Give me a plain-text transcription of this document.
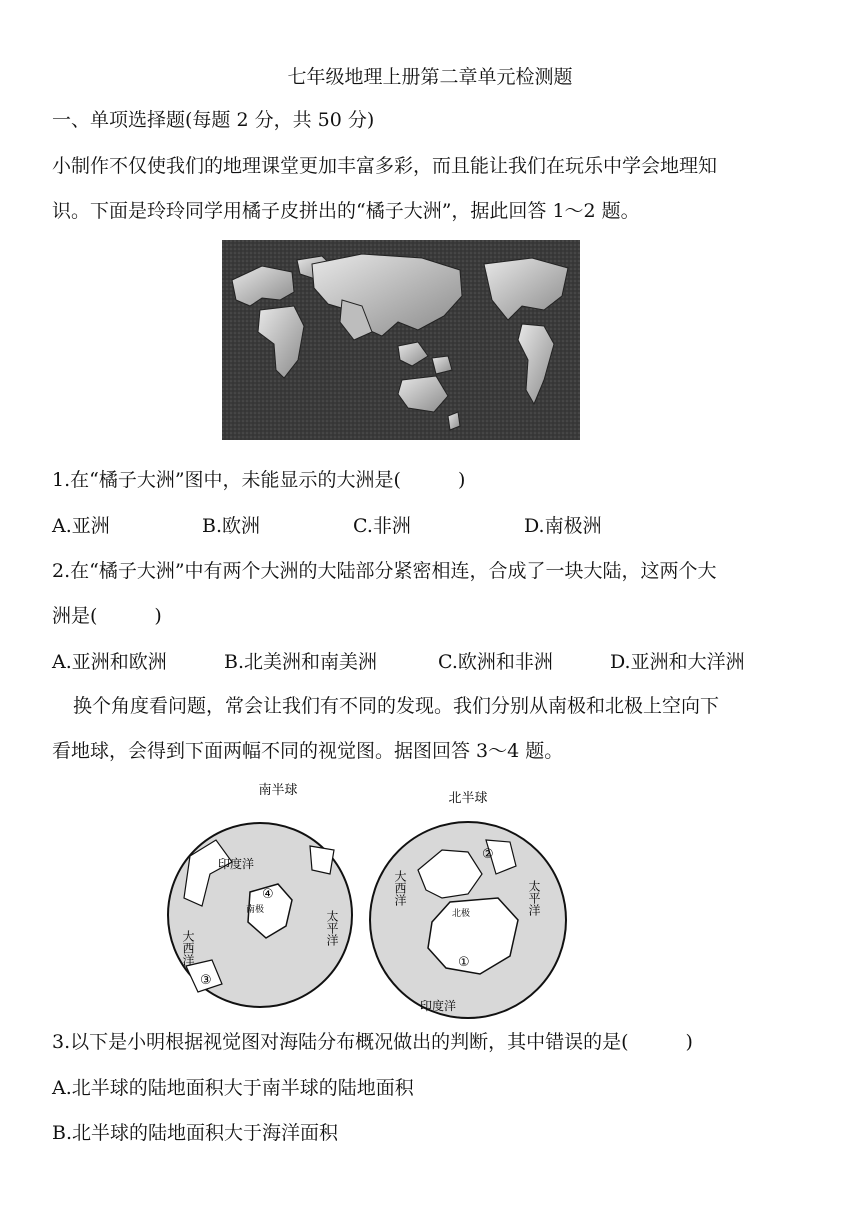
七年级地理上册第二章单元检测题
一、单项选择题(每题 2 分，共 50 分)
小制作不仅使我们的地理课堂更加丰富多彩，而且能让我们在玩乐中学会地理知
识。下面是玲玲同学用橘子皮拼出的“橘子大洲”，据此回答 1～2 题。
1.在“橘子大洲”图中，未能显示的大洲是(　　　)
A.亚洲	B.欧洲	C.非洲	D.南极洲
2.在“橘子大洲”中有两个大洲的大陆部分紧密相连，合成了一块大陆，这两个大
洲是(　　　)
A.亚洲和欧洲	B.北美洲和南美洲	C.欧洲和非洲	D.亚洲和大洋洲
换个角度看问题，常会让我们有不同的发现。我们分别从南极和北极上空向下
看地球，会得到下面两幅不同的视觉图。据图回答 3～4 题。
南半球
印度洋
大西洋
太平洋
南极
④
③
北半球
大西洋	太平洋
印度洋
北极
②
①
3.以下是小明根据视觉图对海陆分布概况做出的判断，其中错误的是(　　　)
A.北半球的陆地面积大于南半球的陆地面积
B.北半球的陆地面积大于海洋面积
